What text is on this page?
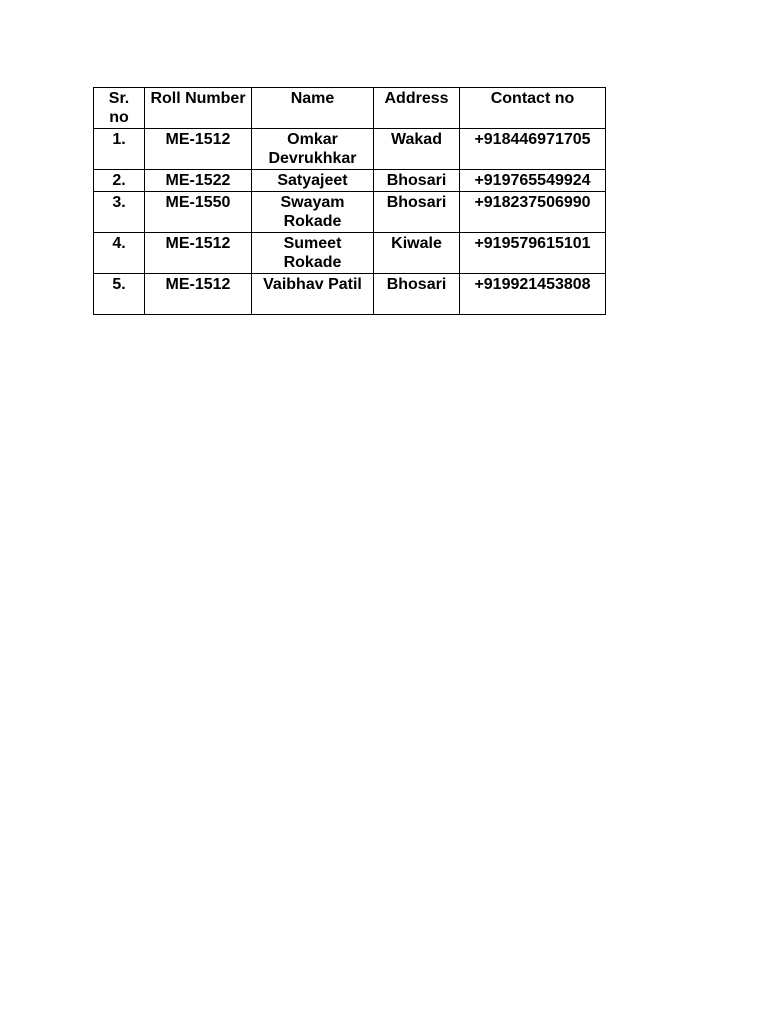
Sr. no	Roll Number	Name	Address	Contact no
1.	ME-1512	Omkar Devrukhkar	Wakad	+918446971705
2.	ME-1522	Satyajeet	Bhosari	+919765549924
3.	ME-1550	Swayam Rokade	Bhosari	+918237506990
4.	ME-1512	Sumeet Rokade	Kiwale	+919579615101
5.	ME-1512	Vaibhav Patil	Bhosari	+919921453808
